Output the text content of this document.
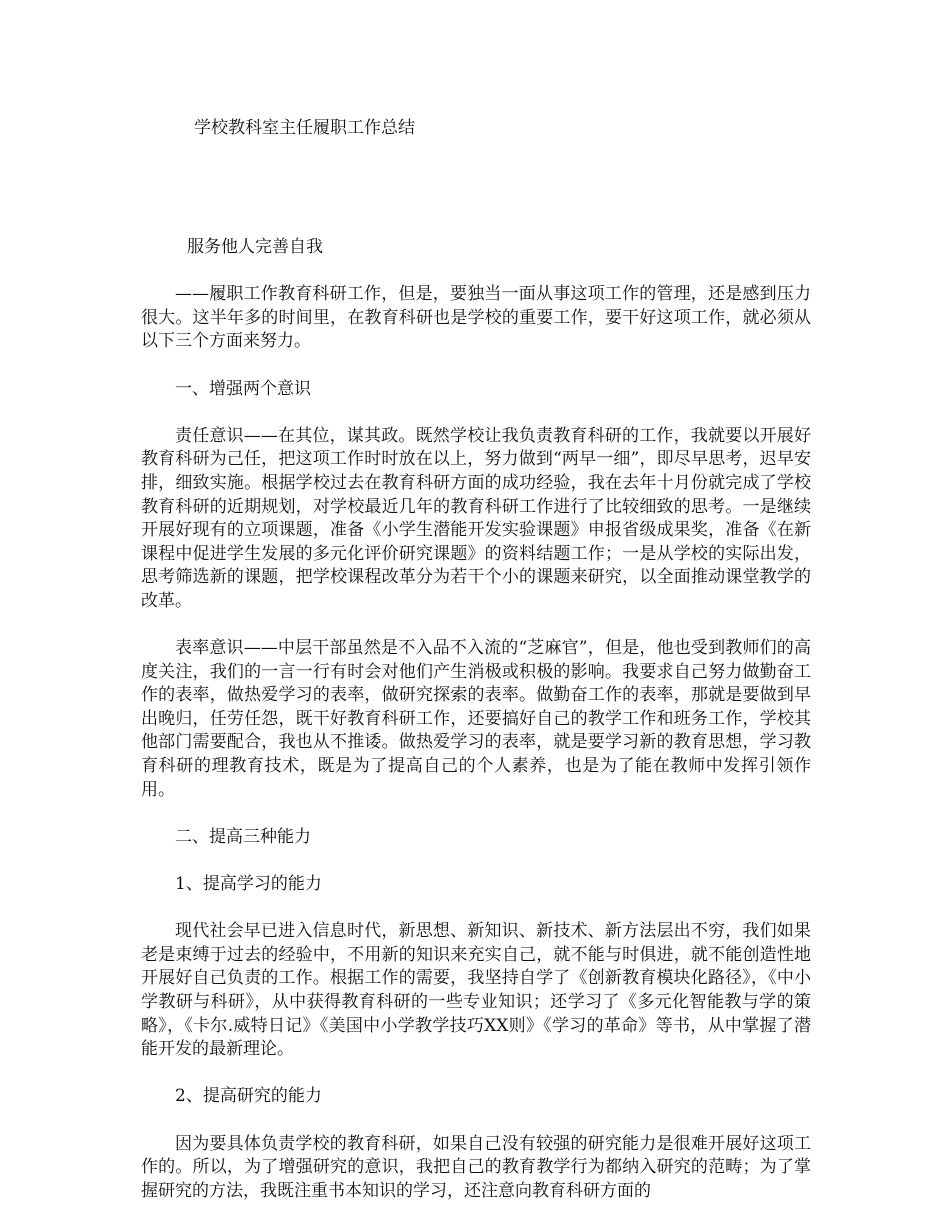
学校教科室主任履职工作总结

服务他人完善自我

——履职工作教育科研工作，但是，要独当一面从事这项工作的管理，还是感到压力很大。这半年多的时间里，在教育科研也是学校的重要工作，要干好这项工作，就必须从以下三个方面来努力。

一、增强两个意识

责任意识——在其位，谋其政。既然学校让我负责教育科研的工作，我就要以开展好教育科研为己任，把这项工作时时放在以上，努力做到“两早一细”，即尽早思考，迟早安排，细致实施。根据学校过去在教育科研方面的成功经验，我在去年十月份就完成了学校教育科研的近期规划，对学校最近几年的教育科研工作进行了比较细致的思考。一是继续开展好现有的立项课题，准备《小学生潜能开发实验课题》申报省级成果奖，准备《在新课程中促进学生发展的多元化评价研究课题》的资料结题工作；一是从学校的实际出发，思考筛选新的课题，把学校课程改革分为若干个小的课题来研究，以全面推动课堂教学的改革。

表率意识——中层干部虽然是不入品不入流的“芝麻官”，但是，他也受到教师们的高度关注，我们的一言一行有时会对他们产生消极或积极的影响。我要求自己努力做勤奋工作的表率，做热爱学习的表率，做研究探索的表率。做勤奋工作的表率，那就是要做到早出晚归，任劳任怨，既干好教育科研工作，还要搞好自己的教学工作和班务工作，学校其他部门需要配合，我也从不推诿。做热爱学习的表率，就是要学习新的教育思想，学习教育科研的理教育技术，既是为了提高自己的个人素养，也是为了能在教师中发挥引领作用。

二、提高三种能力

1、提高学习的能力

现代社会早已进入信息时代，新思想、新知识、新技术、新方法层出不穷，我们如果老是束缚于过去的经验中，不用新的知识来充实自己，就不能与时俱进，就不能创造性地开展好自己负责的工作。根据工作的需要，我坚持自学了《创新教育模块化路径》，《中小学教研与科研》，从中获得教育科研的一些专业知识；还学习了《多元化智能教与学的策略》，《卡尔.威特日记》《美国中小学教学技巧XX则》《学习的革命》等书，从中掌握了潜能开发的最新理论。

2、提高研究的能力

因为要具体负责学校的教育科研，如果自己没有较强的研究能力是很难开展好这项工作的。所以，为了增强研究的意识，我把自己的教育教学行为都纳入研究的范畴；为了掌握研究的方法，我既注重书本知识的学习，还注意向教育科研方面的
